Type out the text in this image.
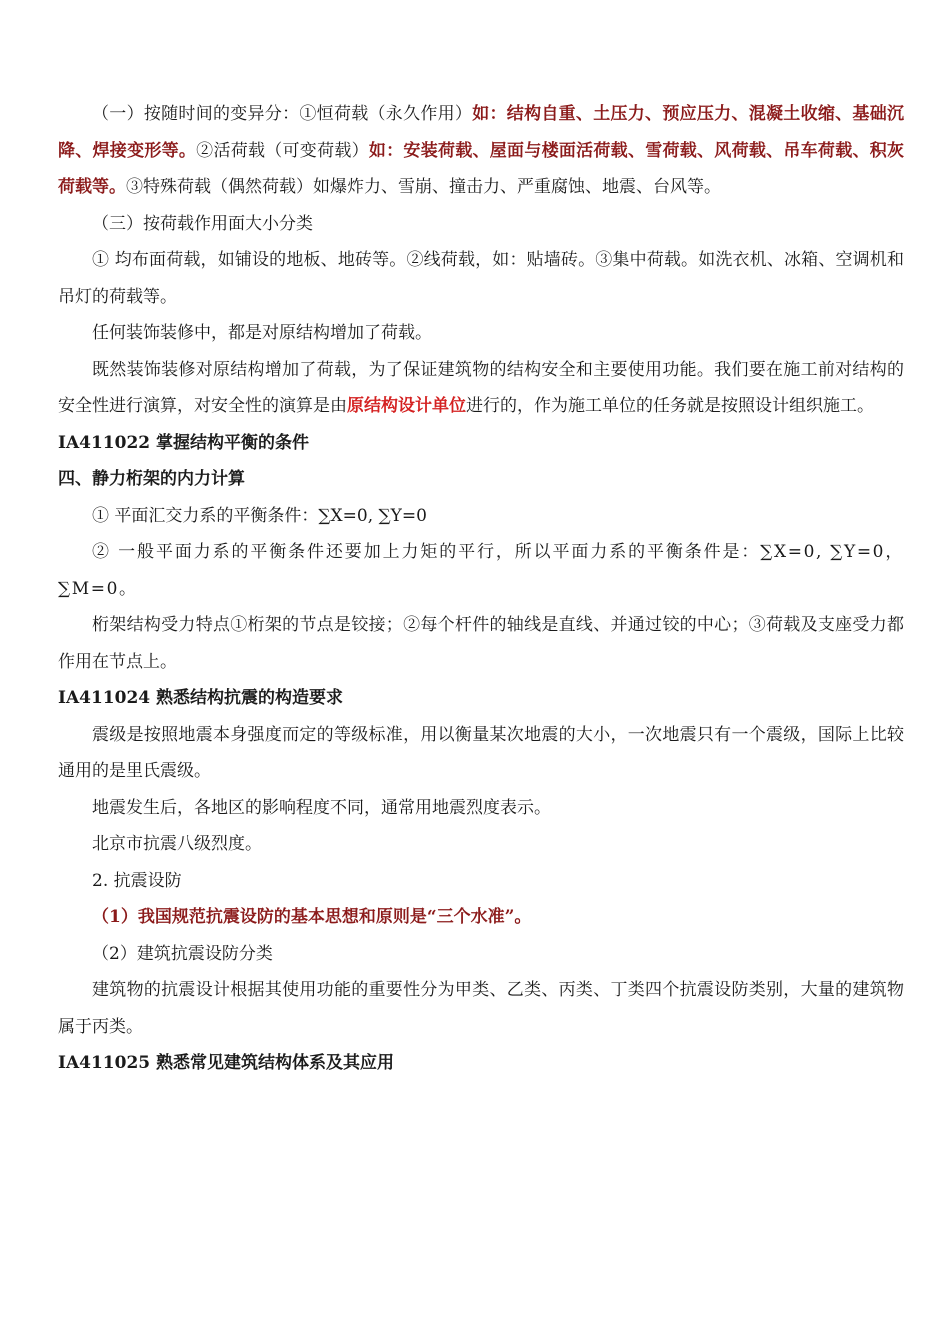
（一）按随时间的变异分：①恒荷载（永久作用）如：结构自重、土压力、预应压力、混凝土收缩、基础沉降、焊接变形等。②活荷载（可变荷载）如：安装荷载、屋面与楼面活荷载、雪荷载、风荷载、吊车荷载、积灰荷载等。③特殊荷载（偶然荷载）如爆炸力、雪崩、撞击力、严重腐蚀、地震、台风等。

（三）按荷载作用面大小分类

① 均布面荷载，如铺设的地板、地砖等。②线荷载，如：贴墙砖。③集中荷载。如洗衣机、冰箱、空调机和吊灯的荷载等。

任何装饰装修中，都是对原结构增加了荷载。

既然装饰装修对原结构增加了荷载，为了保证建筑物的结构安全和主要使用功能。我们要在施工前对结构的安全性进行演算，对安全性的演算是由原结构设计单位进行的，作为施工单位的任务就是按照设计组织施工。

IA411022 掌握结构平衡的条件

四、静力桁架的内力计算

① 平面汇交力系的平衡条件：∑X=0, ∑Y=0

② 一般平面力系的平衡条件还要加上力矩的平行，所以平面力系的平衡条件是：∑X=0, ∑Y=0，∑M=0。

桁架结构受力特点①桁架的节点是铰接；②每个杆件的轴线是直线、并通过铰的中心；③荷载及支座受力都作用在节点上。

IA411024 熟悉结构抗震的构造要求

震级是按照地震本身强度而定的等级标准，用以衡量某次地震的大小，一次地震只有一个震级，国际上比较通用的是里氏震级。

地震发生后，各地区的影响程度不同，通常用地震烈度表示。

北京市抗震八级烈度。

2. 抗震设防

（1）我国规范抗震设防的基本思想和原则是“三个水准”。

（2）建筑抗震设防分类

建筑物的抗震设计根据其使用功能的重要性分为甲类、乙类、丙类、丁类四个抗震设防类别，大量的建筑物属于丙类。

IA411025 熟悉常见建筑结构体系及其应用
